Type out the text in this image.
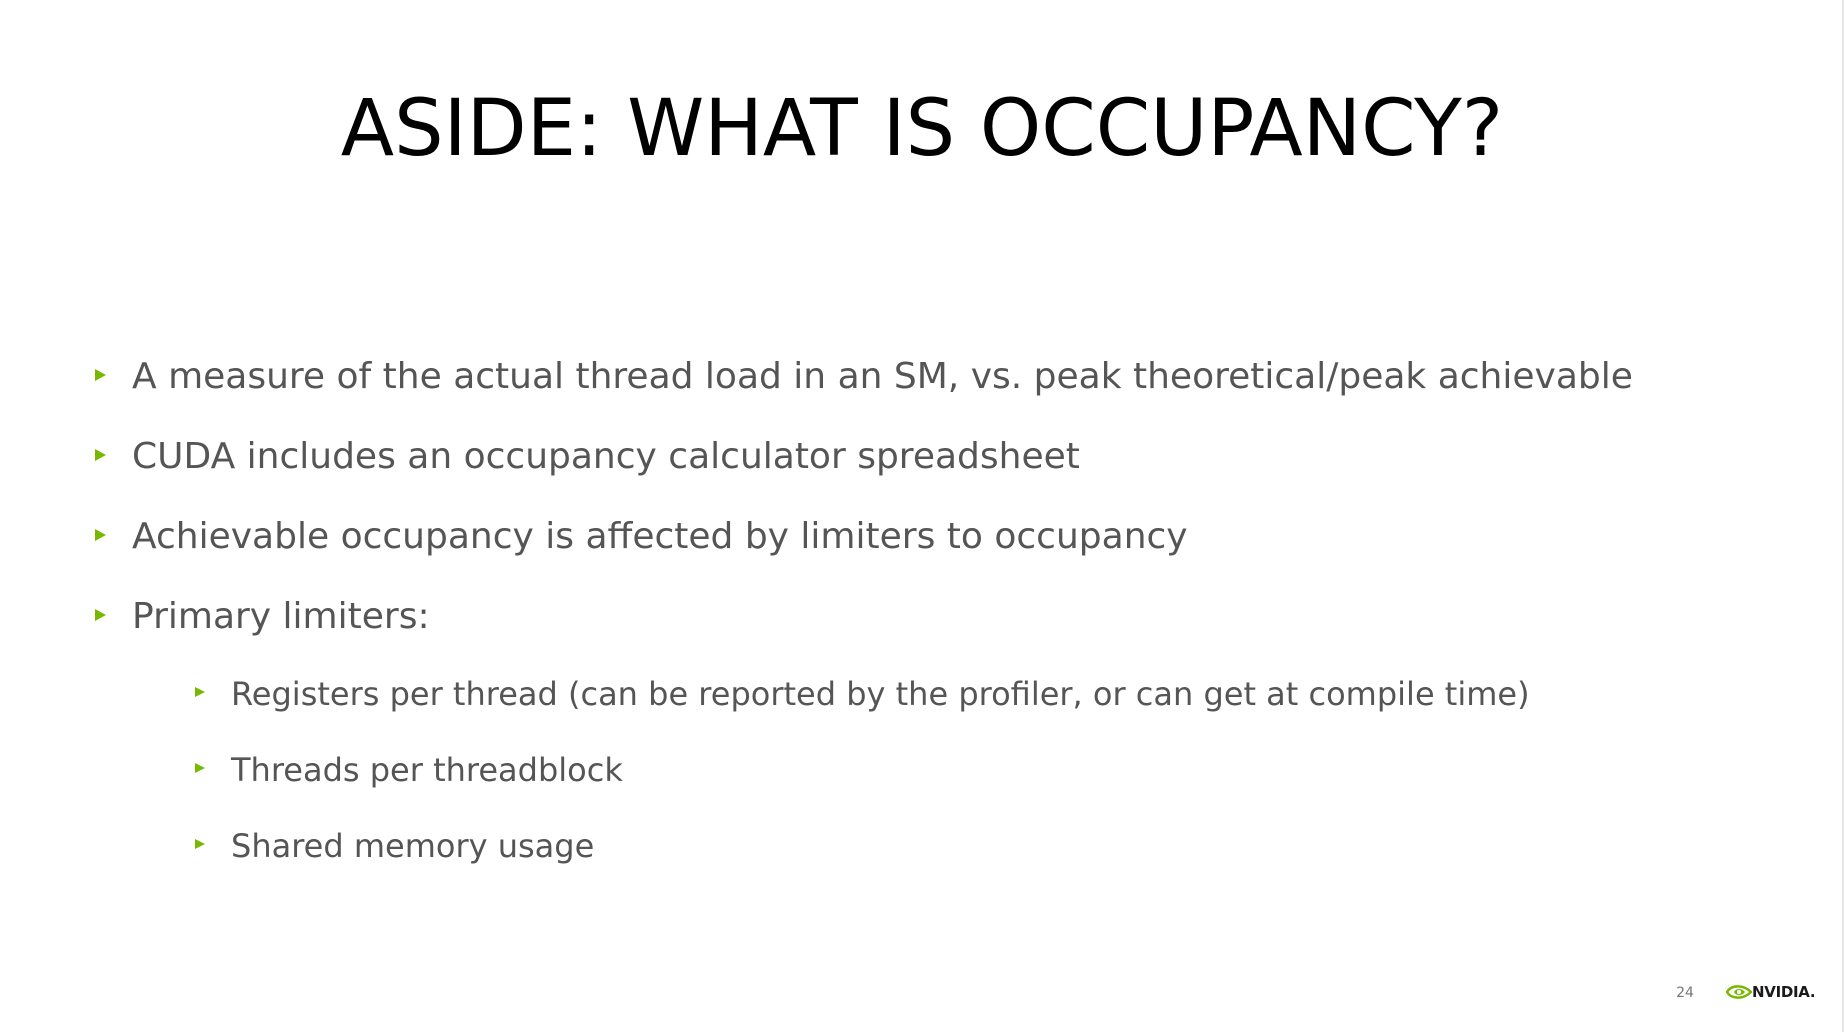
ASIDE: WHAT IS OCCUPANCY?
A measure of the actual thread load in an SM, vs. peak theoretical/peak achievable
CUDA includes an occupancy calculator spreadsheet
Achievable occupancy is affected by limiters to occupancy
Primary limiters:
Registers per thread (can be reported by the profiler, or can get at compile time)
Threads per threadblock
Shared memory usage
24	NVIDIA.
